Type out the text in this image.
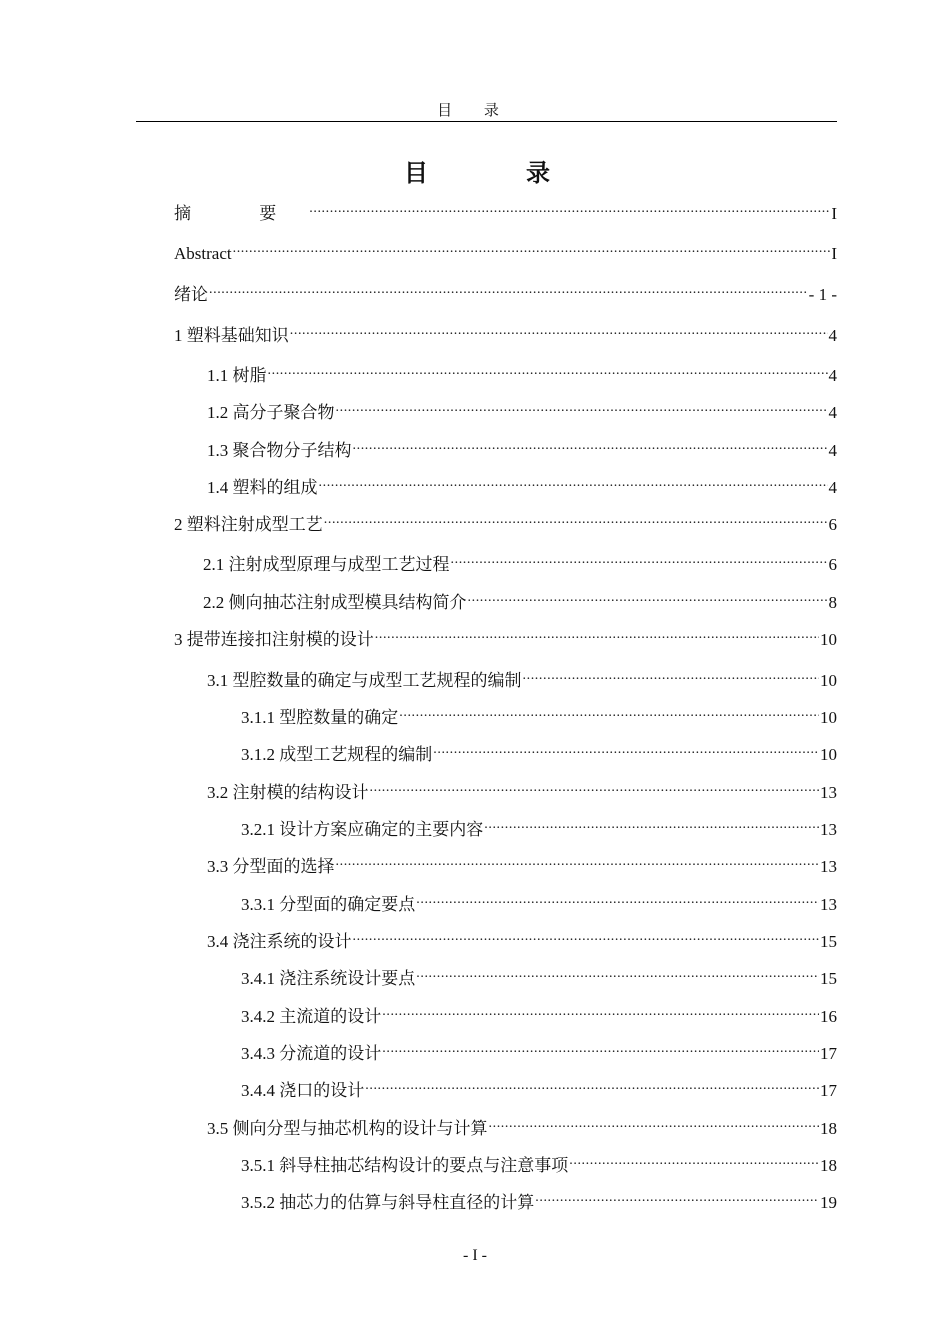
目 录
目 录
摘 要 .....	I
Abstract .....	I
绪论 .....	- 1 -
1 塑料基础知识 .....	4
1.1 树脂 .....	4
1.2 高分子聚合物 .....	4
1.3 聚合物分子结构 .....	4
1.4 塑料的组成 .....	4
2 塑料注射成型工艺 .....	6
2.1 注射成型原理与成型工艺过程 .....	6
2.2 侧向抽芯注射成型模具结构简介 .....	8
3 提带连接扣注射模的设计 .....	10
3.1 型腔数量的确定与成型工艺规程的编制 .....	10
3.1.1 型腔数量的确定 .....	10
3.1.2 成型工艺规程的编制 .....	10
3.2 注射模的结构设计 .....	13
3.2.1 设计方案应确定的主要内容 .....	13
3.3 分型面的选择 .....	13
3.3.1 分型面的确定要点 .....	13
3.4 浇注系统的设计 .....	15
3.4.1 浇注系统设计要点 .....	15
3.4.2 主流道的设计 .....	16
3.4.3 分流道的设计 .....	17
3.4.4 浇口的设计 .....	17
3.5 侧向分型与抽芯机构的设计与计算 .....	18
3.5.1 斜导柱抽芯结构设计的要点与注意事项 .....	18
3.5.2 抽芯力的估算与斜导柱直径的计算 .....	19
- I -
